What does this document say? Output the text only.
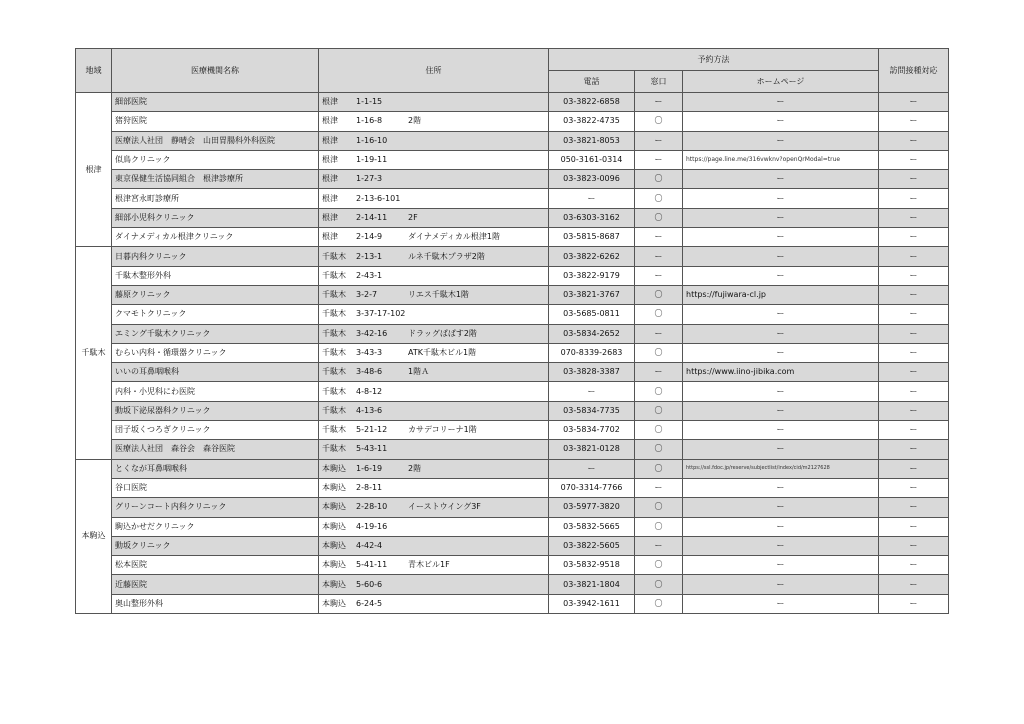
地域	医療機関名称	住所	予約方法			訪問接種対応
			電話	窓口	ホームページ	
根津	細部医院	根津 1-1-15	03-3822-6858	ー	ー	ー
	猪狩医院	根津 1-16-8 2階	03-3822-4735	〇	ー	ー
	医療法人社団　静晴会　山田胃腸科外科医院	根津 1-16-10	03-3821-8053	ー	ー	ー
	似鳥クリニック	根津 1-19-11	050-3161-0314	ー	https://page.line.me/316vwknv?openQrModal=true	ー
	東京保健生活協同組合　根津診療所	根津 1-27-3	03-3823-0096	〇	ー	ー
	根津宮永町診療所	根津 2-13-6-101	ー	〇	ー	ー
	細部小児科クリニック	根津 2-14-11 2F	03-6303-3162	〇	ー	ー
	ダイナメディカル根津クリニック	根津 2-14-9 ダイナメディカル根津1階	03-5815-8687	ー	ー	ー
千駄木	日暮内科クリニック	千駄木 2-13-1 ルネ千駄木プラザ2階	03-3822-6262	ー	ー	ー
	千駄木整形外科	千駄木 2-43-1	03-3822-9179	ー	ー	ー
	藤原クリニック	千駄木 3-2-7 リエス千駄木1階	03-3821-3767	〇	https://fujiwara-cl.jp	ー
	クマモトクリニック	千駄木 3-37-17-102	03-5685-0811	〇	ー	ー
	エミング千駄木クリニック	千駄木 3-42-16 ドラッグぱぱす2階	03-5834-2652	ー	ー	ー
	むらい内科・循環器クリニック	千駄木 3-43-3 ATK千駄木ビル1階	070-8339-2683	〇	ー	ー
	いいの耳鼻咽喉科	千駄木 3-48-6 1階Ａ	03-3828-3387	ー	https://www.iino-jibika.com	ー
	内科・小児科にわ医院	千駄木 4-8-12	ー	〇	ー	ー
	動坂下泌尿器科クリニック	千駄木 4-13-6	03-5834-7735	〇	ー	ー
	団子坂くつろぎクリニック	千駄木 5-21-12 カサデコリーナ1階	03-5834-7702	〇	ー	ー
	医療法人社団　森谷会　森谷医院	千駄木 5-43-11	03-3821-0128	〇	ー	ー
本駒込	とくなが耳鼻咽喉科	本駒込 1-6-19 2階	ー	〇	https://ssl.fdoc.jp/reserve/subjectlist/index/cid/m2127628	ー
	谷口医院	本駒込 2-8-11	070-3314-7766	ー	ー	ー
	グリーンコート内科クリニック	本駒込 2-28-10 イーストウイング3F	03-5977-3820	〇	ー	ー
	駒込かせだクリニック	本駒込 4-19-16	03-5832-5665	〇	ー	ー
	動坂クリニック	本駒込 4-42-4	03-3822-5605	ー	ー	ー
	松本医院	本駒込 5-41-11 青木ビル1F	03-5832-9518	〇	ー	ー
	近藤医院	本駒込 5-60-6	03-3821-1804	〇	ー	ー
	奥山整形外科	本駒込 6-24-5	03-3942-1611	〇	ー	ー
